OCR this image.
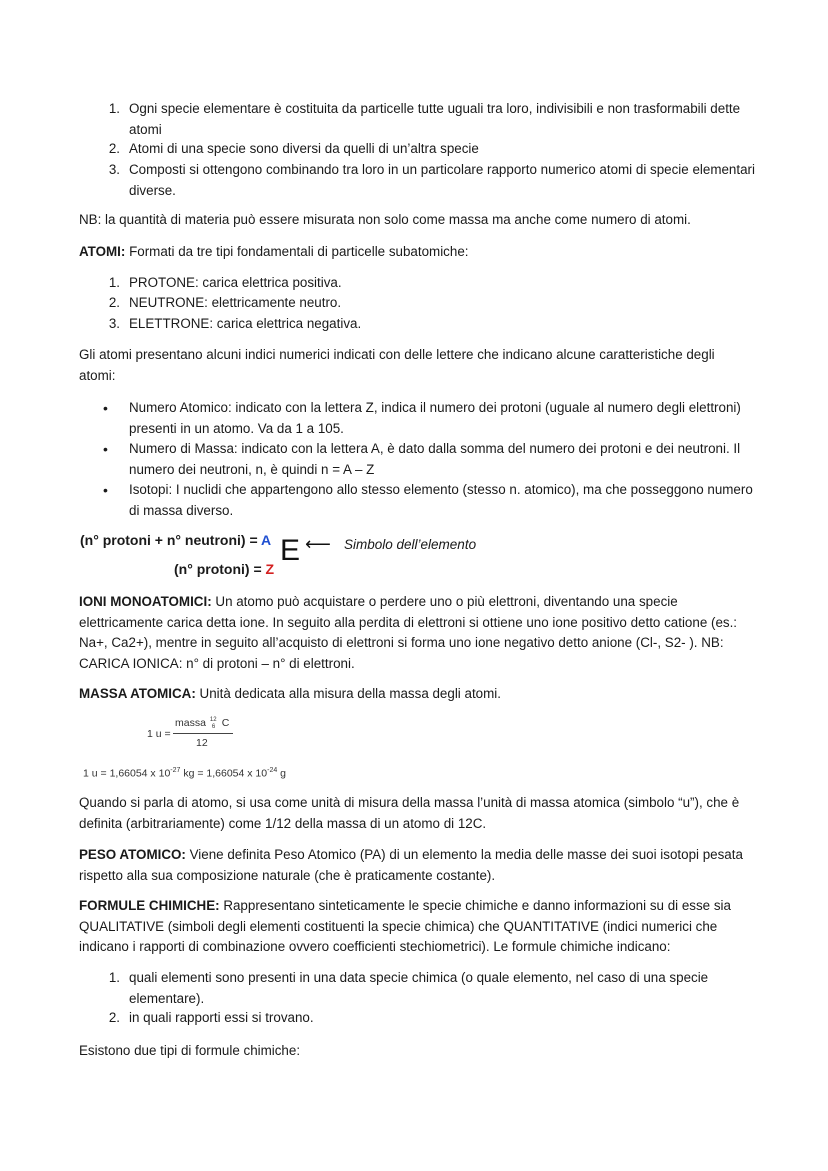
1. Ogni specie elementare è costituita da particelle tutte uguali tra loro, indivisibili e non trasformabili dette atomi
2. Atomi di una specie sono diversi da quelli di un’altra specie
3. Composti si ottengono combinando tra loro in un particolare rapporto numerico atomi di specie elementari diverse.
NB: la quantità di materia può essere misurata non solo come massa ma anche come numero di atomi.
ATOMI: Formati da tre tipi fondamentali di particelle subatomiche:
1. PROTONE: carica elettrica positiva.
2. NEUTRONE: elettricamente neutro.
3. ELETTRONE: carica elettrica negativa.
Gli atomi presentano alcuni indici numerici indicati con delle lettere che indicano alcune caratteristiche degli atomi:
• Numero Atomico: indicato con la lettera Z, indica il numero dei protoni (uguale al numero degli elettroni) presenti in un atomo. Va da 1 a 105.
• Numero di Massa: indicato con la lettera A, è dato dalla somma del numero dei protoni e dei neutroni. Il numero dei neutroni, n, è quindi n = A – Z
• Isotopi: I nuclidi che appartengono allo stesso elemento (stesso n. atomico), ma che posseggono numero di massa diverso.
(n° protoni + n° neutroni) = A
(n° protoni) = Z
E ⟵ Simbolo dell’elemento
IONI MONOATOMICI: Un atomo può acquistare o perdere uno o più elettroni, diventando una specie elettricamente carica detta ione. In seguito alla perdita di elettroni si ottiene uno ione positivo detto catione (es.: Na+, Ca2+), mentre in seguito all’acquisto di elettroni si forma uno ione negativo detto anione (Cl-, S2- ). NB: CARICA IONICA: n° di protoni – n° di elettroni.
MASSA ATOMICA: Unità dedicata alla misura della massa degli atomi.
1 u =
massa 12
6 C
12
1 u = 1,66054 x $10^{-27}$ kg = 1,66054 x $10^{-24}$ g
Quando si parla di atomo, si usa come unità di misura della massa l’unità di massa atomica (simbolo “u”), che è definita (arbitrariamente) come 1/12 della massa di un atomo di 12C.
PESO ATOMICO: Viene definita Peso Atomico (PA) di un elemento la media delle masse dei suoi isotopi pesata rispetto alla sua composizione naturale (che è praticamente costante).
FORMULE CHIMICHE: Rappresentano sinteticamente le specie chimiche e danno informazioni su di esse sia QUALITATIVE (simboli degli elementi costituenti la specie chimica) che QUANTITATIVE (indici numerici che indicano i rapporti di combinazione ovvero coefficienti stechiometrici). Le formule chimiche indicano:
1. quali elementi sono presenti in una data specie chimica (o quale elemento, nel caso di una specie elementare).
2. in quali rapporti essi si trovano.
Esistono due tipi di formule chimiche:
